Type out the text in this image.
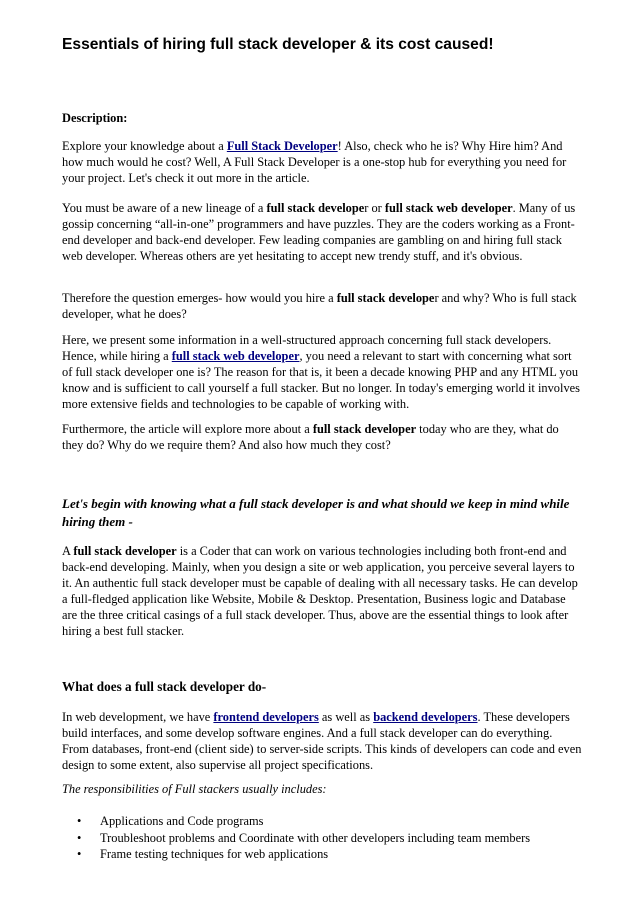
Essentials of hiring full stack developer & its cost caused!

Description:

Explore your knowledge about a Full Stack Developer! Also, check who he is? Why Hire him? And how much would he cost? Well, A Full Stack Developer is a one-stop hub for everything you need for your project. Let's check it out more in the article.

You must be aware of a new lineage of a full stack developer or full stack web developer. Many of us gossip concerning “all-in-one” programmers and have puzzles. They are the coders working as a Front-end developer and back-end developer. Few leading companies are gambling on and hiring full stack web developer. Whereas others are yet hesitating to accept new trendy stuff, and it's obvious.

Therefore the question emerges- how would you hire a full stack developer and why? Who is full stack developer, what he does?

Here, we present some information in a well-structured approach concerning full stack developers. Hence, while hiring a full stack web developer, you need a relevant to start with concerning what sort of full stack developer one is? The reason for that is, it been a decade knowing PHP and any HTML you know and is sufficient to call yourself a full stacker. But no longer. In today's emerging world it involves more extensive fields and technologies to be capable of working with.

Furthermore, the article will explore more about a full stack developer today who are they, what do they do? Why do we require them? And also how much they cost?

Let's begin with knowing what a full stack developer is and what should we keep in mind while hiring them -

A full stack developer is a Coder that can work on various technologies including both front-end and back-end developing. Mainly, when you design a site or web application, you perceive several layers to it. An authentic full stack developer must be capable of dealing with all necessary tasks. He can develop a full-fledged application like Website, Mobile & Desktop. Presentation, Business logic and Database are the three critical casings of a full stack developer. Thus, above are the essential things to look after hiring a best full stacker.

What does a full stack developer do-

In web development, we have frontend developers as well as backend developers. These developers build interfaces, and some develop software engines. And a full stack developer can do everything. From databases, front-end (client side) to server-side scripts. This kinds of developers can code and even design to some extent, also supervise all project specifications.

The responsibilities of Full stackers usually includes:

• Applications and Code programs
• Troubleshoot problems and Coordinate with other developers including team members
• Frame testing techniques for web applications
